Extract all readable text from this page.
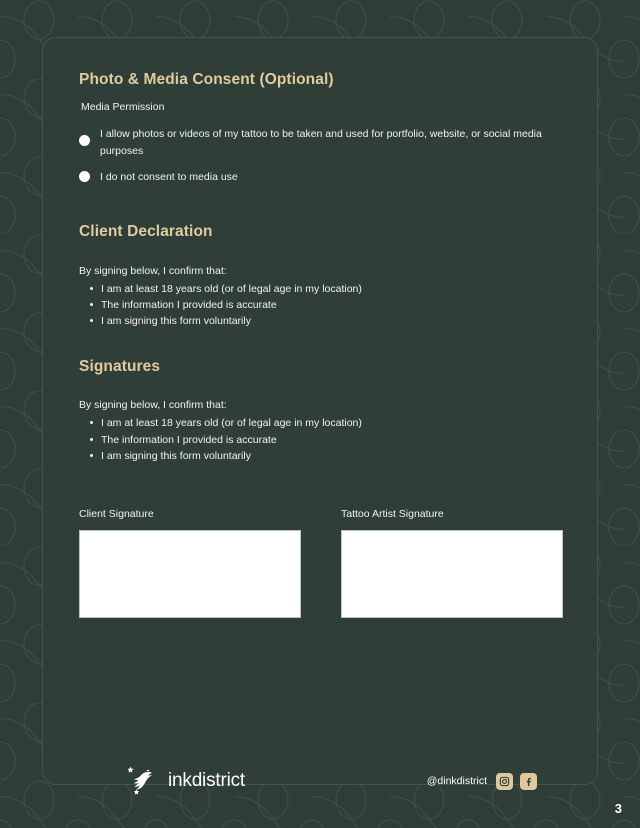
Photo & Media Consent (Optional)
Media Permission
I allow photos or videos of my tattoo to be taken and used for portfolio, website, or social media purposes
I do not consent to media use
Client Declaration

By signing below, I confirm that:

I am at least 18 years old (or of legal age in my location)
The information I provided is accurate
I am signing this form voluntarily
Signatures

By signing below, I confirm that:

I am at least 18 years old (or of legal age in my location)
The information I provided is accurate
I am signing this form voluntarily
Client Signature	Tattoo Artist Signature
inkdistrict	@dinkdistrict
3
